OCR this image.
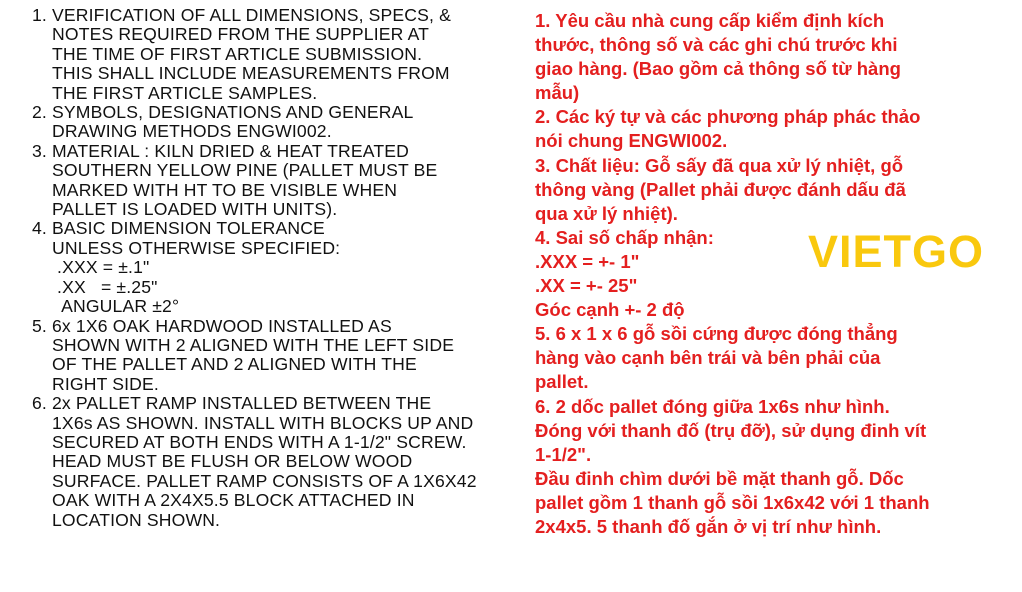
1. VERIFICATION OF ALL DIMENSIONS, SPECS, &
NOTES REQUIRED FROM THE SUPPLIER AT
THE TIME OF FIRST ARTICLE SUBMISSION.
THIS SHALL INCLUDE MEASUREMENTS FROM
THE FIRST ARTICLE SAMPLES.
2. SYMBOLS, DESIGNATIONS AND GENERAL
DRAWING METHODS ENGWI002.
3. MATERIAL : KILN DRIED & HEAT TREATED
SOUTHERN YELLOW PINE (PALLET MUST BE
MARKED WITH HT TO BE VISIBLE WHEN
PALLET IS LOADED WITH UNITS).
4. BASIC DIMENSION TOLERANCE
UNLESS OTHERWISE SPECIFIED:
.XXX = ±.1"
.XX   = ±.25"
ANGULAR ±2°
5. 6x 1X6 OAK HARDWOOD INSTALLED AS
SHOWN WITH 2 ALIGNED WITH THE LEFT SIDE
OF THE PALLET AND 2 ALIGNED WITH THE
RIGHT SIDE.
6. 2x PALLET RAMP INSTALLED BETWEEN THE
1X6s AS SHOWN. INSTALL WITH BLOCKS UP AND
SECURED AT BOTH ENDS WITH A 1-1/2" SCREW.
HEAD MUST BE FLUSH OR BELOW WOOD
SURFACE. PALLET RAMP CONSISTS OF A 1X6X42
OAK WITH A 2X4X5.5 BLOCK ATTACHED IN
LOCATION SHOWN.
1. Yêu cầu nhà cung cấp kiểm định kích
thước, thông số và các ghi chú trước khi
giao hàng. (Bao gồm cả thông số từ hàng
mẫu)
2. Các ký tự và các phương pháp phác thảo
nói chung ENGWI002.
3. Chất liệu: Gỗ sấy đã qua xử lý nhiệt, gỗ
thông vàng (Pallet phải được đánh dấu đã
qua xử lý nhiệt).
4. Sai số chấp nhận:
.XXX = +- 1"
.XX = +- 25"
Góc cạnh +- 2 độ
5. 6 x 1 x 6 gỗ sồi cứng được đóng thẳng
hàng vào cạnh bên trái và bên phải của
pallet.
6. 2 dốc pallet đóng giữa 1x6s như hình.
Đóng với thanh đố (trụ đỡ), sử dụng đinh vít
1-1/2".
Đầu đinh chìm dưới bề mặt thanh gỗ. Dốc
pallet gồm 1 thanh gỗ sồi 1x6x42 với 1 thanh
2x4x5. 5 thanh đố gắn ở vị trí như hình.
VIETGO
